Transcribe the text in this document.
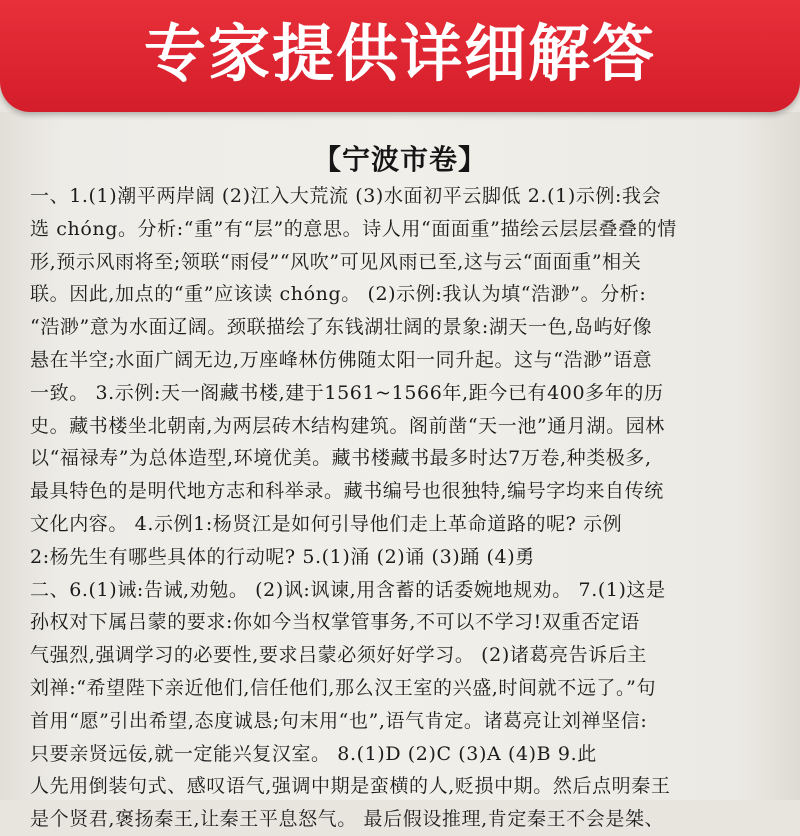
专家提供详细解答
【宁波市卷】
一、1.(1)潮平两岸阔 (2)江入大荒流 (3)水面初平云脚低 2.(1)示例:我会
选 chóng。分析:“重”有“层”的意思。诗人用“面面重”描绘云层层叠叠的情
形,预示风雨将至;领联“雨侵”“风吹”可见风雨已至,这与云“面面重”相关
联。因此,加点的“重”应该读 chóng。 (2)示例:我认为填“浩渺”。分析:
“浩渺”意为水面辽阔。颈联描绘了东钱湖壮阔的景象:湖天一色,岛屿好像
悬在半空;水面广阔无边,万座峰林仿佛随太阳一同升起。这与“浩渺”语意
一致。 3.示例:天一阁藏书楼,建于1561~1566年,距今已有400多年的历
史。藏书楼坐北朝南,为两层砖木结构建筑。阁前凿“天一池”通月湖。园林
以“福禄寿”为总体造型,环境优美。藏书楼藏书最多时达7万卷,种类极多,
最具特色的是明代地方志和科举录。藏书编号也很独特,编号字均来自传统
文化内容。 4.示例1:杨贤江是如何引导他们走上革命道路的呢? 示例
2:杨先生有哪些具体的行动呢? 5.(1)涌 (2)诵 (3)踊 (4)勇
二、6.(1)诫:告诫,劝勉。 (2)讽:讽谏,用含蓄的话委婉地规劝。 7.(1)这是
孙权对下属吕蒙的要求:你如今当权掌管事务,不可以不学习!双重否定语
气强烈,强调学习的必要性,要求吕蒙必须好好学习。 (2)诸葛亮告诉后主
刘禅:“希望陛下亲近他们,信任他们,那么汉王室的兴盛,时间就不远了。”句
首用“愿”引出希望,态度诚恳;句末用“也”,语气肯定。诸葛亮让刘禅坚信:
只要亲贤远佞,就一定能兴复汉室。 8.(1)D (2)C (3)A (4)B 9.此
人先用倒装句式、感叹语气,强调中期是蛮横的人,贬损中期。然后点明秦王
是个贤君,褒扬秦王,让秦王平息怒气。 最后假设推理,肯定秦王不会是桀、
